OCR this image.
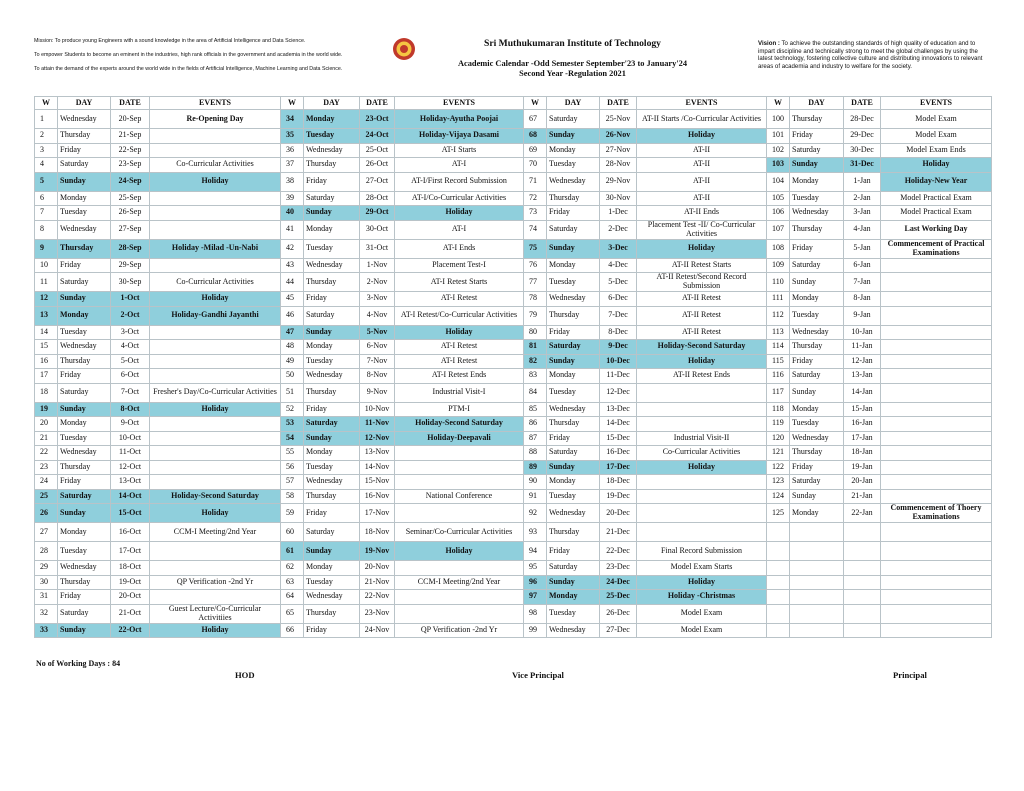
Mission: To produce young Engineers with a sound knowledge in the area of Artificial Intelligence and Data Science.
To empower Students to become an eminent in the industries, high rank officials in the government and academia in the world wide.
To attain the demand of the experts around the world wide in the fields of Artificial Intelligence, Machine Learning and Data Science.
Sri Muthukumaran Institute of Technology
Academic Calendar -Odd Semester September'23 to January'24
Second Year -Regulation 2021
Vision : To achieve the outstanding standards of high quality of education and to impart discipline and technically strong to meet the global challenges by using the latest technology, fostering collective culture and distributing innovations to relevant areas of academia and industry to welfare for the society.
W	DAY	DATE	EVENTS	W	DAY	DATE	EVENTS	W	DAY	DATE	EVENTS	W	DAY	DATE	EVENTS
1	Wednesday	20-Sep	Re-Opening Day	34	Monday	23-Oct	Holiday-Ayutha Poojai	67	Saturday	25-Nov	AT-II Starts /Co-Curricular Activities	100	Thursday	28-Dec	Model Exam
2	Thursday	21-Sep		35	Tuesday	24-Oct	Holiday-Vijaya Dasami	68	Sunday	26-Nov	Holiday	101	Friday	29-Dec	Model Exam
3	Friday	22-Sep		36	Wednesday	25-Oct	AT-I Starts	69	Monday	27-Nov	AT-II	102	Saturday	30-Dec	Model Exam Ends
4	Saturday	23-Sep	Co-Curricular Activities	37	Thursday	26-Oct	AT-I	70	Tuesday	28-Nov	AT-II	103	Sunday	31-Dec	Holiday
5	Sunday	24-Sep	Holiday	38	Friday	27-Oct	AT-I/First Record Submission	71	Wednesday	29-Nov	AT-II	104	Monday	1-Jan	Holiday-New Year
6	Monday	25-Sep		39	Saturday	28-Oct	AT-I/Co-Curricular Activities	72	Thursday	30-Nov	AT-II	105	Tuesday	2-Jan	Model Practical Exam
7	Tuesday	26-Sep		40	Sunday	29-Oct	Holiday	73	Friday	1-Dec	AT-II Ends	106	Wednesday	3-Jan	Model Practical Exam
8	Wednesday	27-Sep		41	Monday	30-Oct	AT-I	74	Saturday	2-Dec	Placement Test -II/ Co-Curricular Activities	107	Thursday	4-Jan	Last Working Day
9	Thursday	28-Sep	Holiday -Milad -Un-Nabi	42	Tuesday	31-Oct	AT-I Ends	75	Sunday	3-Dec	Holiday	108	Friday	5-Jan	Commencement of Practical Examinations
10	Friday	29-Sep		43	Wednesday	1-Nov	Placement Test-I	76	Monday	4-Dec	AT-II Retest Starts	109	Saturday	6-Jan	
11	Saturday	30-Sep	Co-Curricular Activities	44	Thursday	2-Nov	AT-I Retest Starts	77	Tuesday	5-Dec	AT-II Retest/Second Record Submission	110	Sunday	7-Jan	
12	Sunday	1-Oct	Holiday	45	Friday	3-Nov	AT-I Retest	78	Wednesday	6-Dec	AT-II Retest	111	Monday	8-Jan	
13	Monday	2-Oct	Holiday-Gandhi Jayanthi	46	Saturday	4-Nov	AT-I Retest/Co-Curricular Activities	79	Thursday	7-Dec	AT-II Retest	112	Tuesday	9-Jan	
14	Tuesday	3-Oct		47	Sunday	5-Nov	Holiday	80	Friday	8-Dec	AT-II Retest	113	Wednesday	10-Jan	
15	Wednesday	4-Oct		48	Monday	6-Nov	AT-I Retest	81	Saturday	9-Dec	Holiday-Second Saturday	114	Thursday	11-Jan	
16	Thursday	5-Oct		49	Tuesday	7-Nov	AT-I Retest	82	Sunday	10-Dec	Holiday	115	Friday	12-Jan	
17	Friday	6-Oct		50	Wednesday	8-Nov	AT-I Retest Ends	83	Monday	11-Dec	AT-II Retest Ends	116	Saturday	13-Jan	
18	Saturday	7-Oct	Fresher's Day/Co-Curricular Activities	51	Thursday	9-Nov	Industrial Visit-I	84	Tuesday	12-Dec		117	Sunday	14-Jan	
19	Sunday	8-Oct	Holiday	52	Friday	10-Nov	PTM-I	85	Wednesday	13-Dec		118	Monday	15-Jan	
20	Monday	9-Oct		53	Saturday	11-Nov	Holiday-Second Saturday	86	Thursday	14-Dec		119	Tuesday	16-Jan	
21	Tuesday	10-Oct		54	Sunday	12-Nov	Holiday-Deepavali	87	Friday	15-Dec	Industrial Visit-II	120	Wednesday	17-Jan	
22	Wednesday	11-Oct		55	Monday	13-Nov		88	Saturday	16-Dec	Co-Curricular Activities	121	Thursday	18-Jan	
23	Thursday	12-Oct		56	Tuesday	14-Nov		89	Sunday	17-Dec	Holiday	122	Friday	19-Jan	
24	Friday	13-Oct		57	Wednesday	15-Nov		90	Monday	18-Dec		123	Saturday	20-Jan	
25	Saturday	14-Oct	Holiday-Second Saturday	58	Thursday	16-Nov	National Conference	91	Tuesday	19-Dec		124	Sunday	21-Jan	
26	Sunday	15-Oct	Holiday	59	Friday	17-Nov		92	Wednesday	20-Dec		125	Monday	22-Jan	Commencement of Thoery Examinations
27	Monday	16-Oct	CCM-I Meeting/2nd Year	60	Saturday	18-Nov	Seminar/Co-Curricular Activities	93	Thursday	21-Dec					
28	Tuesday	17-Oct		61	Sunday	19-Nov	Holiday	94	Friday	22-Dec	Final Record Submission				
29	Wednesday	18-Oct		62	Monday	20-Nov		95	Saturday	23-Dec	Model Exam Starts				
30	Thursday	19-Oct	QP Verification -2nd Yr	63	Tuesday	21-Nov	CCM-I Meeting/2nd Year	96	Sunday	24-Dec	Holiday				
31	Friday	20-Oct		64	Wednesday	22-Nov		97	Monday	25-Dec	Holiday -Christmas				
32	Saturday	21-Oct	Guest Lecture/Co-Curricular Activitiies	65	Thursday	23-Nov		98	Tuesday	26-Dec	Model Exam				
33	Sunday	22-Oct	Holiday	66	Friday	24-Nov	QP Verification -2nd Yr	99	Wednesday	27-Dec	Model Exam				
No of Working Days : 84
HOD	Vice Principal	Principal
